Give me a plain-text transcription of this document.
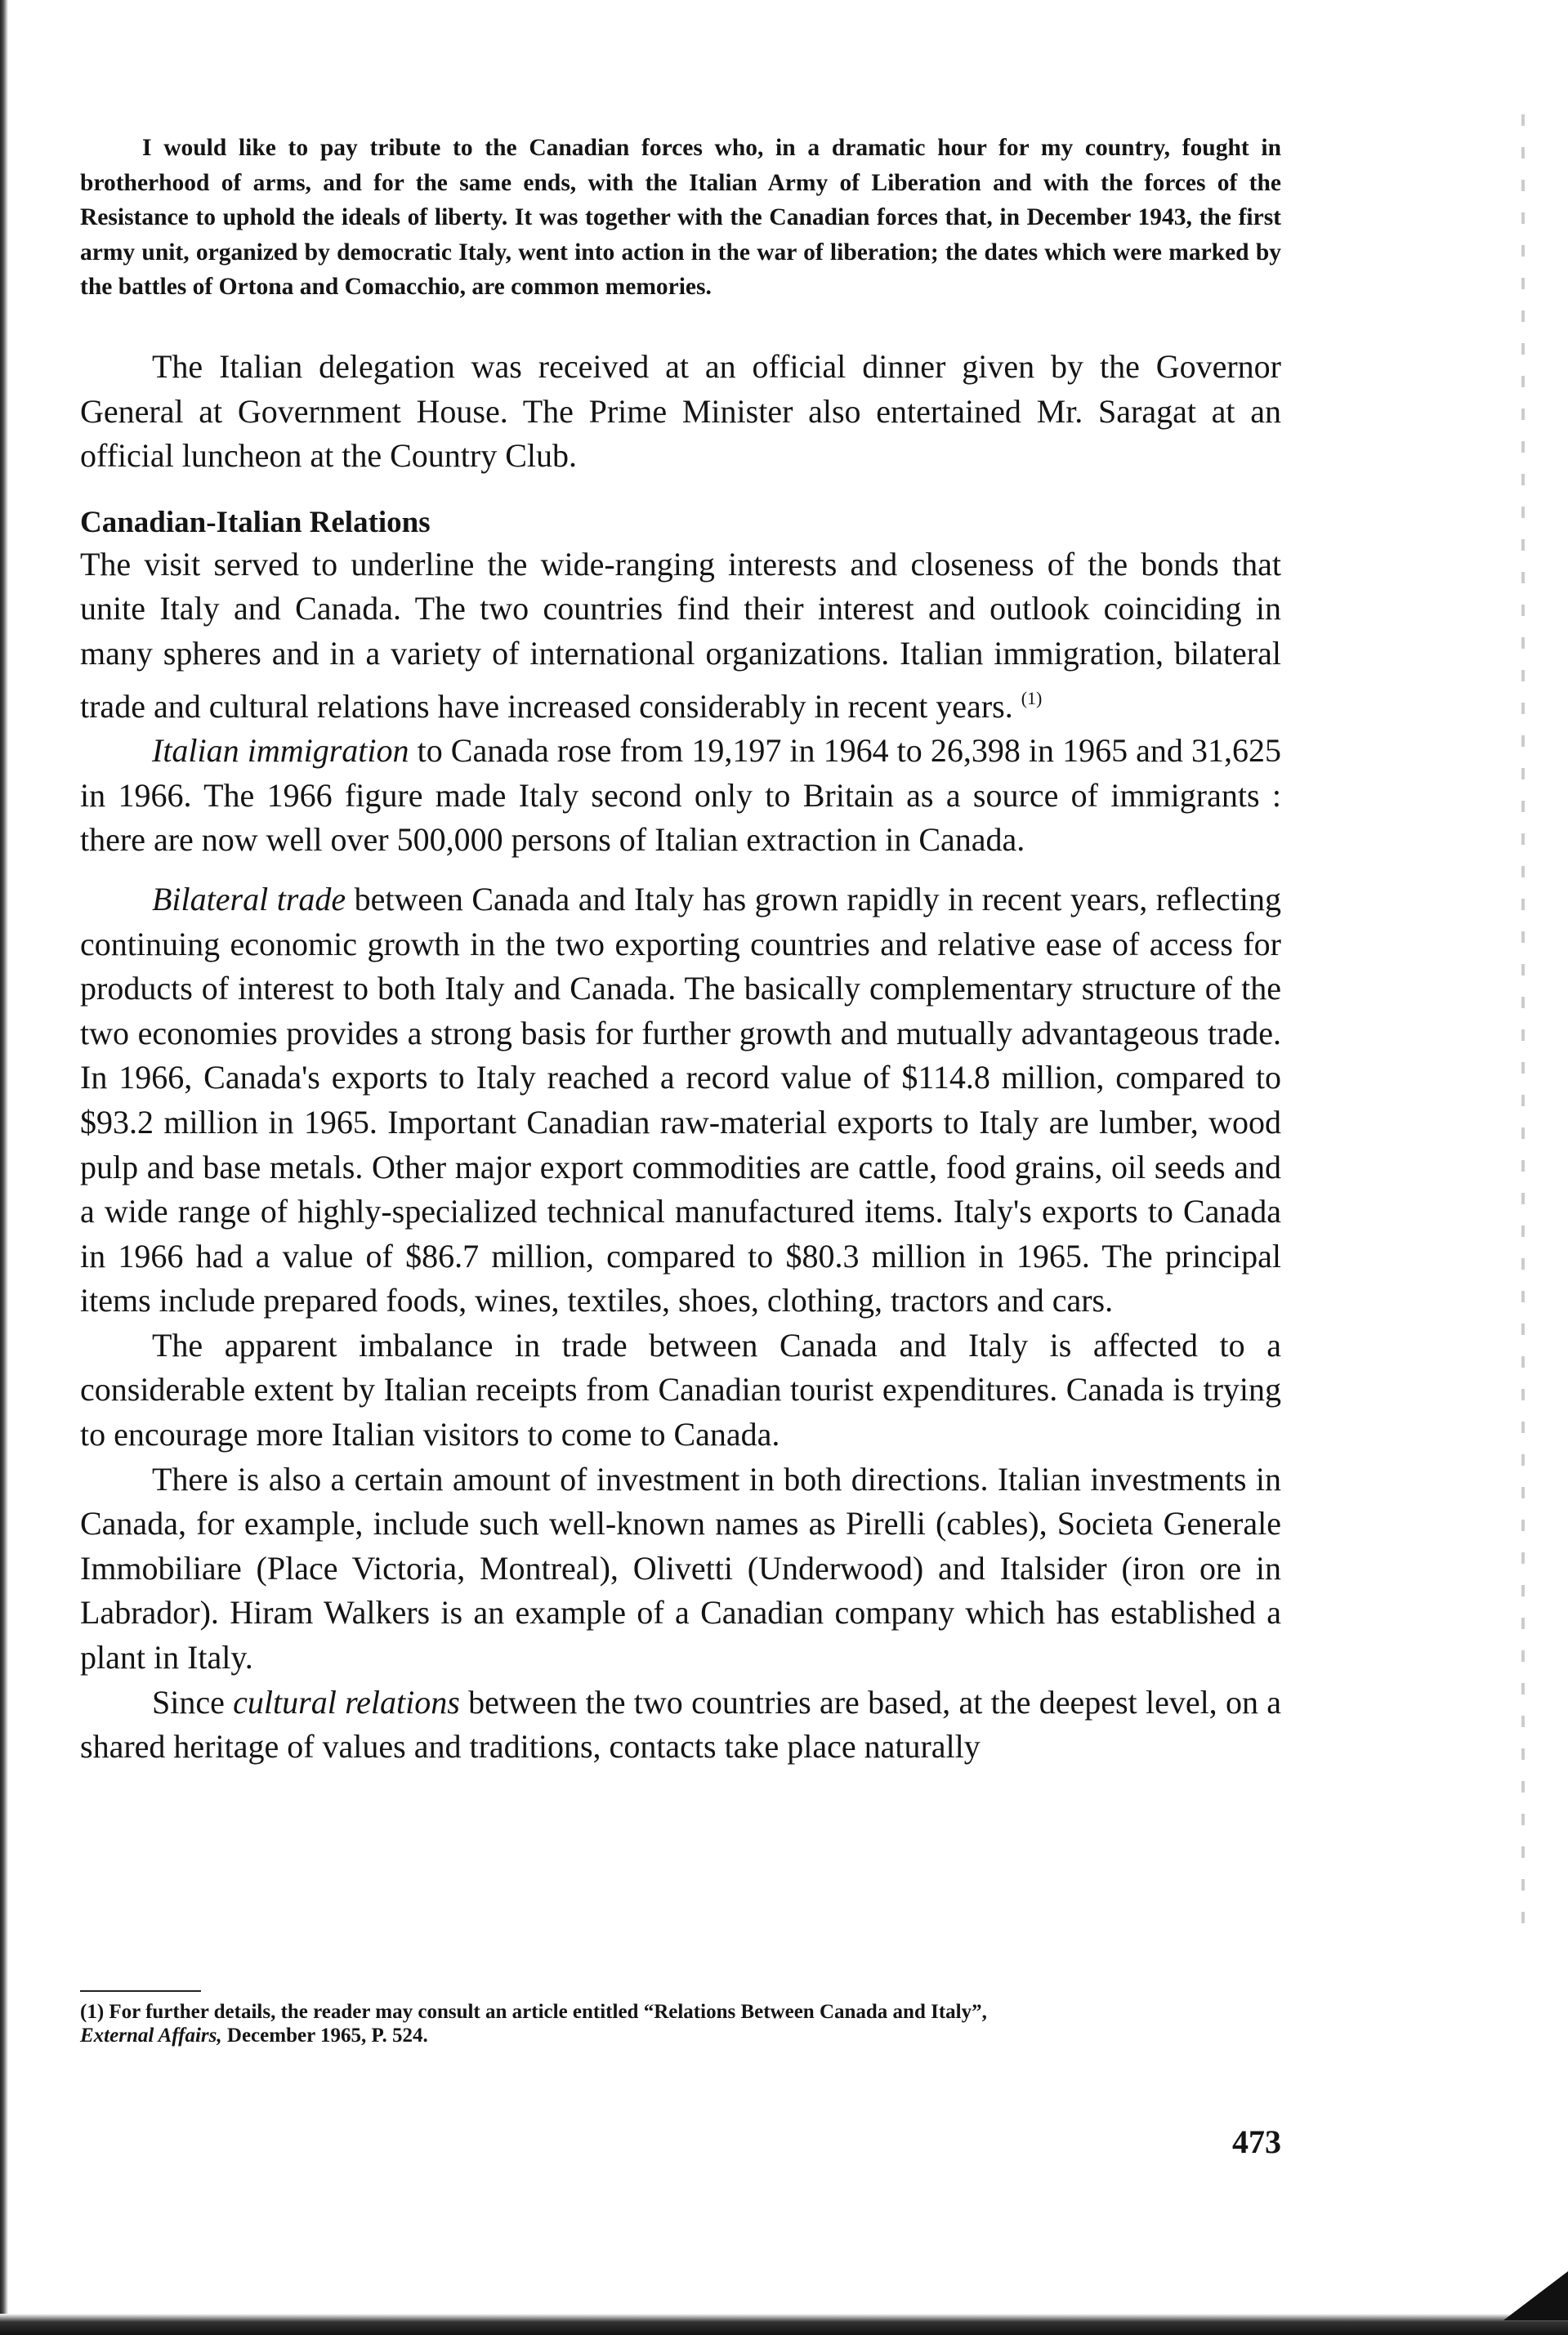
I would like to pay tribute to the Canadian forces who, in a dramatic hour for my country, fought in brotherhood of arms, and for the same ends, with the Italian Army of Liberation and with the forces of the Resistance to uphold the ideals of liberty. It was together with the Canadian forces that, in December 1943, the first army unit, organized by democratic Italy, went into action in the war of liberation; the dates which were marked by the battles of Ortona and Comacchio, are common memories.

The Italian delegation was received at an official dinner given by the Governor General at Government House. The Prime Minister also entertained Mr. Saragat at an official luncheon at the Country Club.

Canadian-Italian Relations

The visit served to underline the wide-ranging interests and closeness of the bonds that unite Italy and Canada. The two countries find their interest and outlook coinciding in many spheres and in a variety of international organizations. Italian immigration, bilateral trade and cultural relations have increased considerably in recent years. $^{(1)}$

Italian immigration to Canada rose from 19,197 in 1964 to 26,398 in 1965 and 31,625 in 1966. The 1966 figure made Italy second only to Britain as a source of immigrants : there are now well over 500,000 persons of Italian extraction in Canada.

Bilateral trade between Canada and Italy has grown rapidly in recent years, reflecting continuing economic growth in the two exporting countries and relative ease of access for products of interest to both Italy and Canada. The basically complementary structure of the two economies provides a strong basis for further growth and mutually advantageous trade. In 1966, Canada's exports to Italy reached a record value of $114.8 million, compared to $93.2 million in 1965. Important Canadian raw-material exports to Italy are lumber, wood pulp and base metals. Other major export commodities are cattle, food grains, oil seeds and a wide range of highly-specialized technical manufactured items. Italy's exports to Canada in 1966 had a value of $86.7 million, compared to $80.3 million in 1965. The principal items include prepared foods, wines, textiles, shoes, clothing, tractors and cars.

The apparent imbalance in trade between Canada and Italy is affected to a considerable extent by Italian receipts from Canadian tourist expenditures. Canada is trying to encourage more Italian visitors to come to Canada.

There is also a certain amount of investment in both directions. Italian investments in Canada, for example, include such well-known names as Pirelli (cables), Societa Generale Immobiliare (Place Victoria, Montreal), Olivetti (Underwood) and Italsider (iron ore in Labrador). Hiram Walkers is an example of a Canadian company which has established a plant in Italy.

Since cultural relations between the two countries are based, at the deepest level, on a shared heritage of values and traditions, contacts take place naturally

(1) For further details, the reader may consult an article entitled “Relations Between Canada and Italy”,
External Affairs, December 1965, P. 524.

473
